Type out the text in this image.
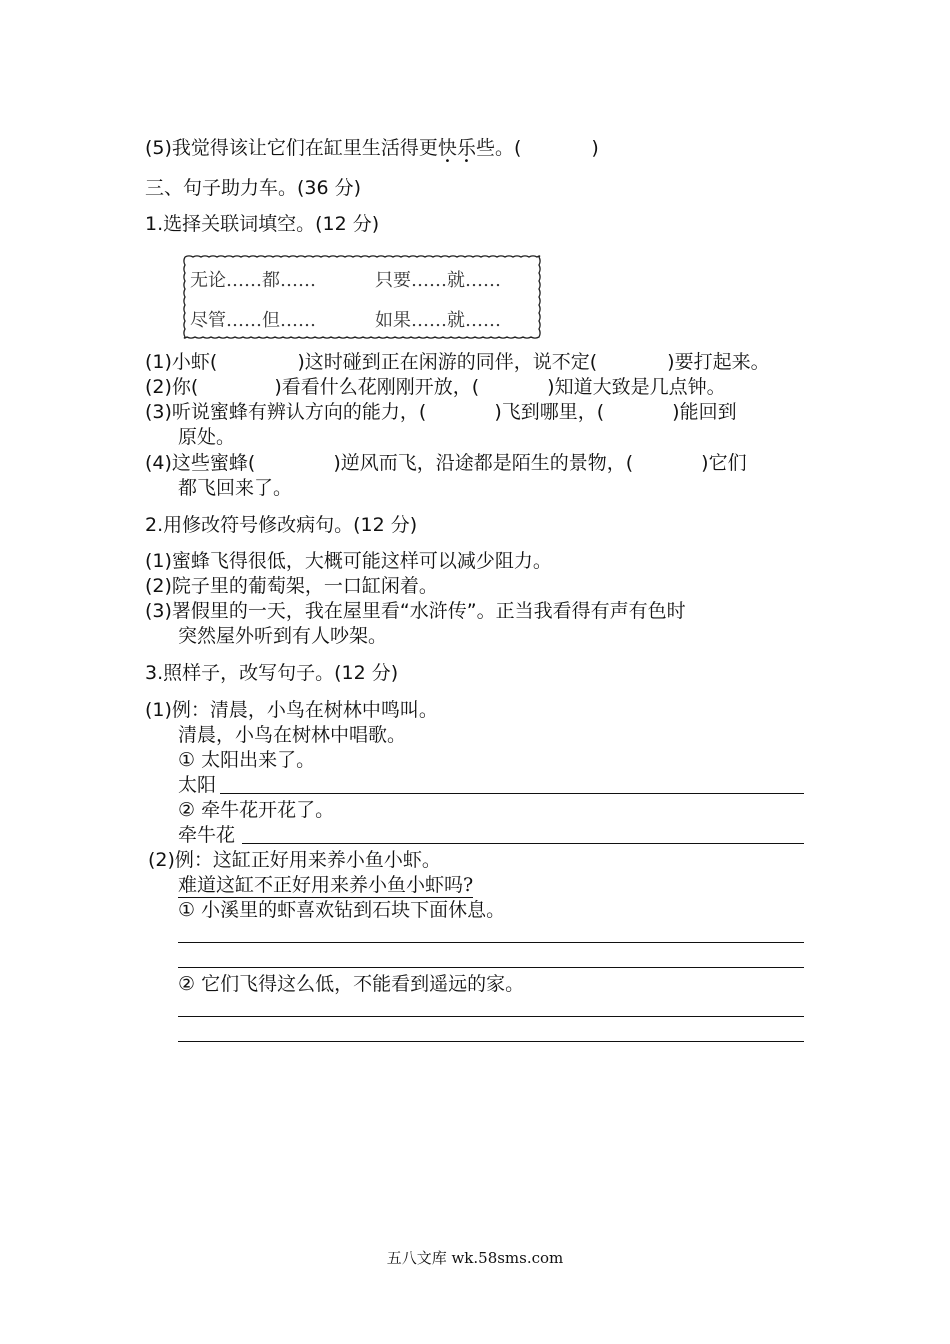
(5)我觉得该让它们在缸里生活得更快乐些。(	)
三、句子助力车。(36 分)
1.选择关联词填空。(12 分)
无论……都……	只要……就……
尽管……但……	如果……就……
(1)小虾(	)这时碰到正在闲游的同伴，说不定(	)要打起来。
(2)你(	)看看什么花刚刚开放，(	)知道大致是几点钟。
(3)听说蜜蜂有辨认方向的能力，(	)飞到哪里，(	)能回到
原处。
(4)这些蜜蜂(	)逆风而飞，沿途都是陌生的景物，(	)它们
都飞回来了。
2.用修改符号修改病句。(12 分)
(1)蜜蜂飞得很低，大概可能这样可以减少阻力。
(2)院子里的葡萄架，一口缸闲着。
(3)署假里的一天，我在屋里看“水浒传”。正当我看得有声有色时
突然屋外听到有人吵架。
3.照样子，改写句子。(12 分)
(1)例：清晨，小鸟在树林中鸣叫。
清晨，小鸟在树林中唱歌。
① 太阳出来了。
太阳
② 牵牛花开花了。
牵牛花
(2)例：这缸正好用来养小鱼小虾。
难道这缸不正好用来养小鱼小虾吗?
① 小溪里的虾喜欢钻到石块下面休息。
② 它们飞得这么低，不能看到遥远的家。
五八文库 wk.58sms.com
